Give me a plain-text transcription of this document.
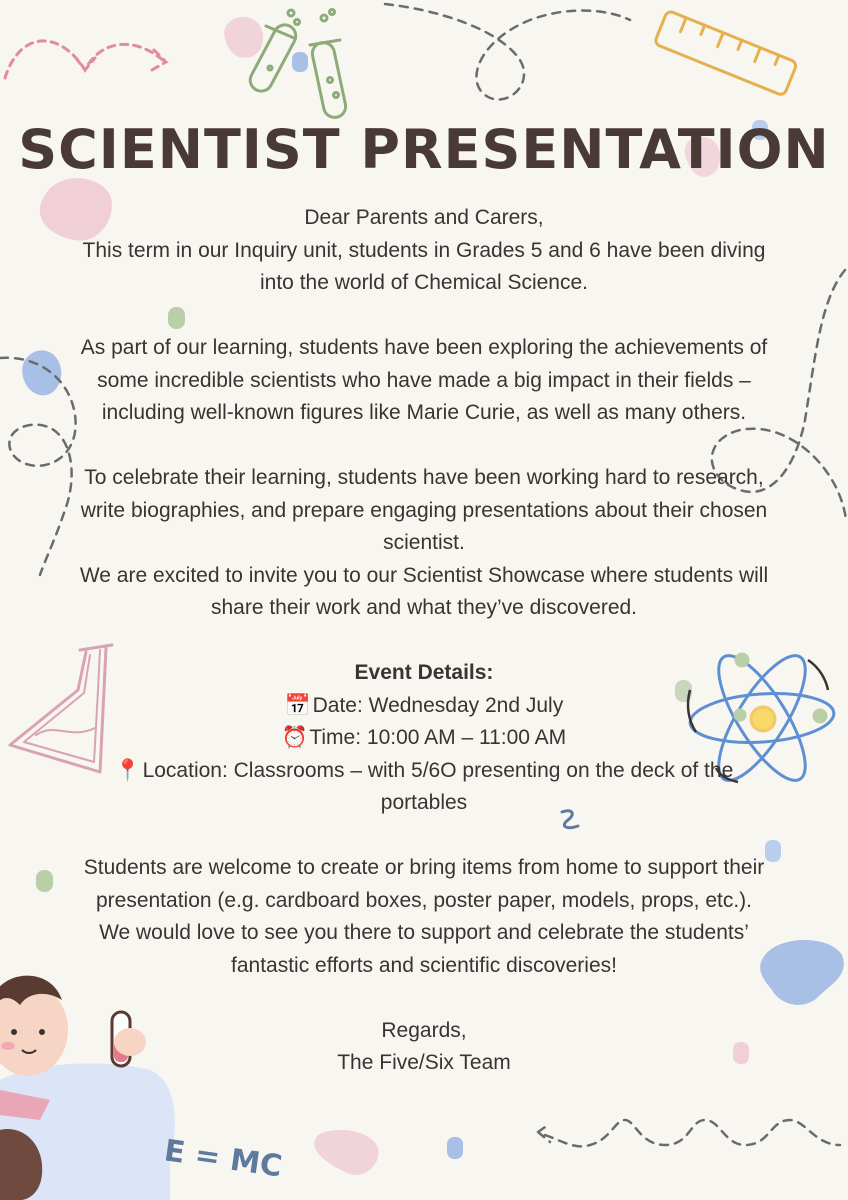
SCIENTIST PRESENTATION

Dear Parents and Carers,

This term in our Inquiry unit, students in Grades 5 and 6 have been diving into the world of Chemical Science.

As part of our learning, students have been exploring the achievements of some incredible scientists who have made a big impact in their fields – including well-known figures like Marie Curie, as well as many others.

To celebrate their learning, students have been working hard to research, write biographies, and prepare engaging presentations about their chosen scientist.

We are excited to invite you to our Scientist Showcase where students will share their work and what they’ve discovered.

Event Details:

📅 Date: Wednesday 2nd July

⏰ Time: 10:00 AM – 11:00 AM

📍 Location: Classrooms – with 5/6O presenting on the deck of the portables

Students are welcome to create or bring items from home to support their presentation (e.g. cardboard boxes, poster paper, models, props, etc.).

We would love to see you there to support and celebrate the students’ fantastic efforts and scientific discoveries!

Regards,

The Five/Six Team

E = MC
